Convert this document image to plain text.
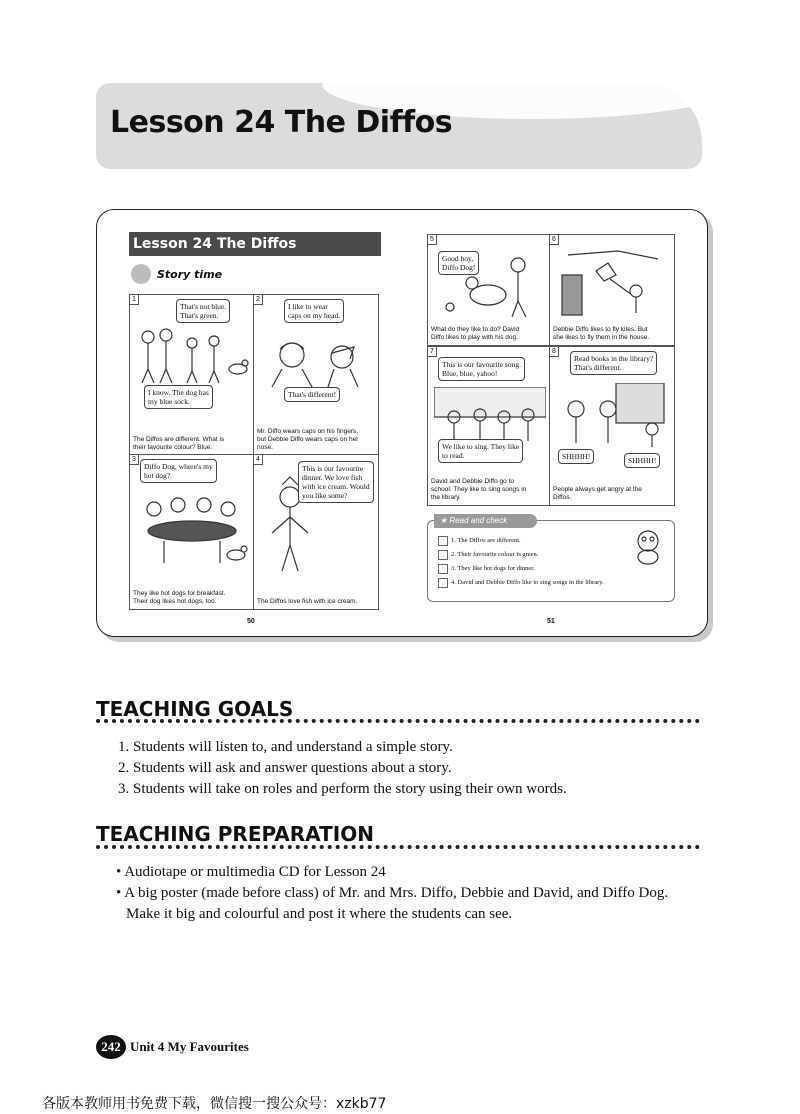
Lesson 24 The Diffos
Lesson 24 The Diffos
Story time
1
That's not blue.
That's green.
I know. The dog has
my blue sock.
The Diffos are different. What is
their favourite colour? Blue.
2
I like to wear
caps on my head.
That's different!
Mr. Diffo wears caps on his fingers,
but Debbie Diffo wears caps on her
nose.
3
Diffo Dog, where's my
hot dog?
They like hot dogs for breakfast.
Their dog likes hot dogs, too.
4
This is our favourite
dinner. We love fish
with ice cream. Would
you like some?
The Diffos love fish with ice cream.
50
5
Good boy,
Diffo Dog!
What do they like to do? David
Diffo likes to play with his dog.
6
Debbie Diffo likes to fly kites. But
she likes to fly them in the house.
7
This is our favourite song.
Blue, blue, yahoo!
We like to sing. They like
to read.
David and Debbie Diffo go to
school. They like to sing songs in
the library.
8
Read books in the library?
That's different.
SHHHH!	SHHHH!
People always get angry at the
Diffos.
★ Read and check
1. The Diffos are different.
2. Their favourite colour is green.
3. They like hot dogs for dinner.
4. David and Debbie Diffo like to sing songs in the library.
51
TEACHING GOALS
1. Students will listen to, and understand a simple story.
2. Students will ask and answer questions about a story.
3. Students will take on roles and perform the story using their own words.
TEACHING PREPARATION
• Audiotape or multimedia CD for Lesson 24
• A big poster (made before class) of Mr. and Mrs. Diffo, Debbie and David, and Diffo Dog. Make it big and colourful and post it where the students can see.
242 Unit 4 My Favourites
各版本教师用书免费下载，微信搜一搜公众号：xzkb77
